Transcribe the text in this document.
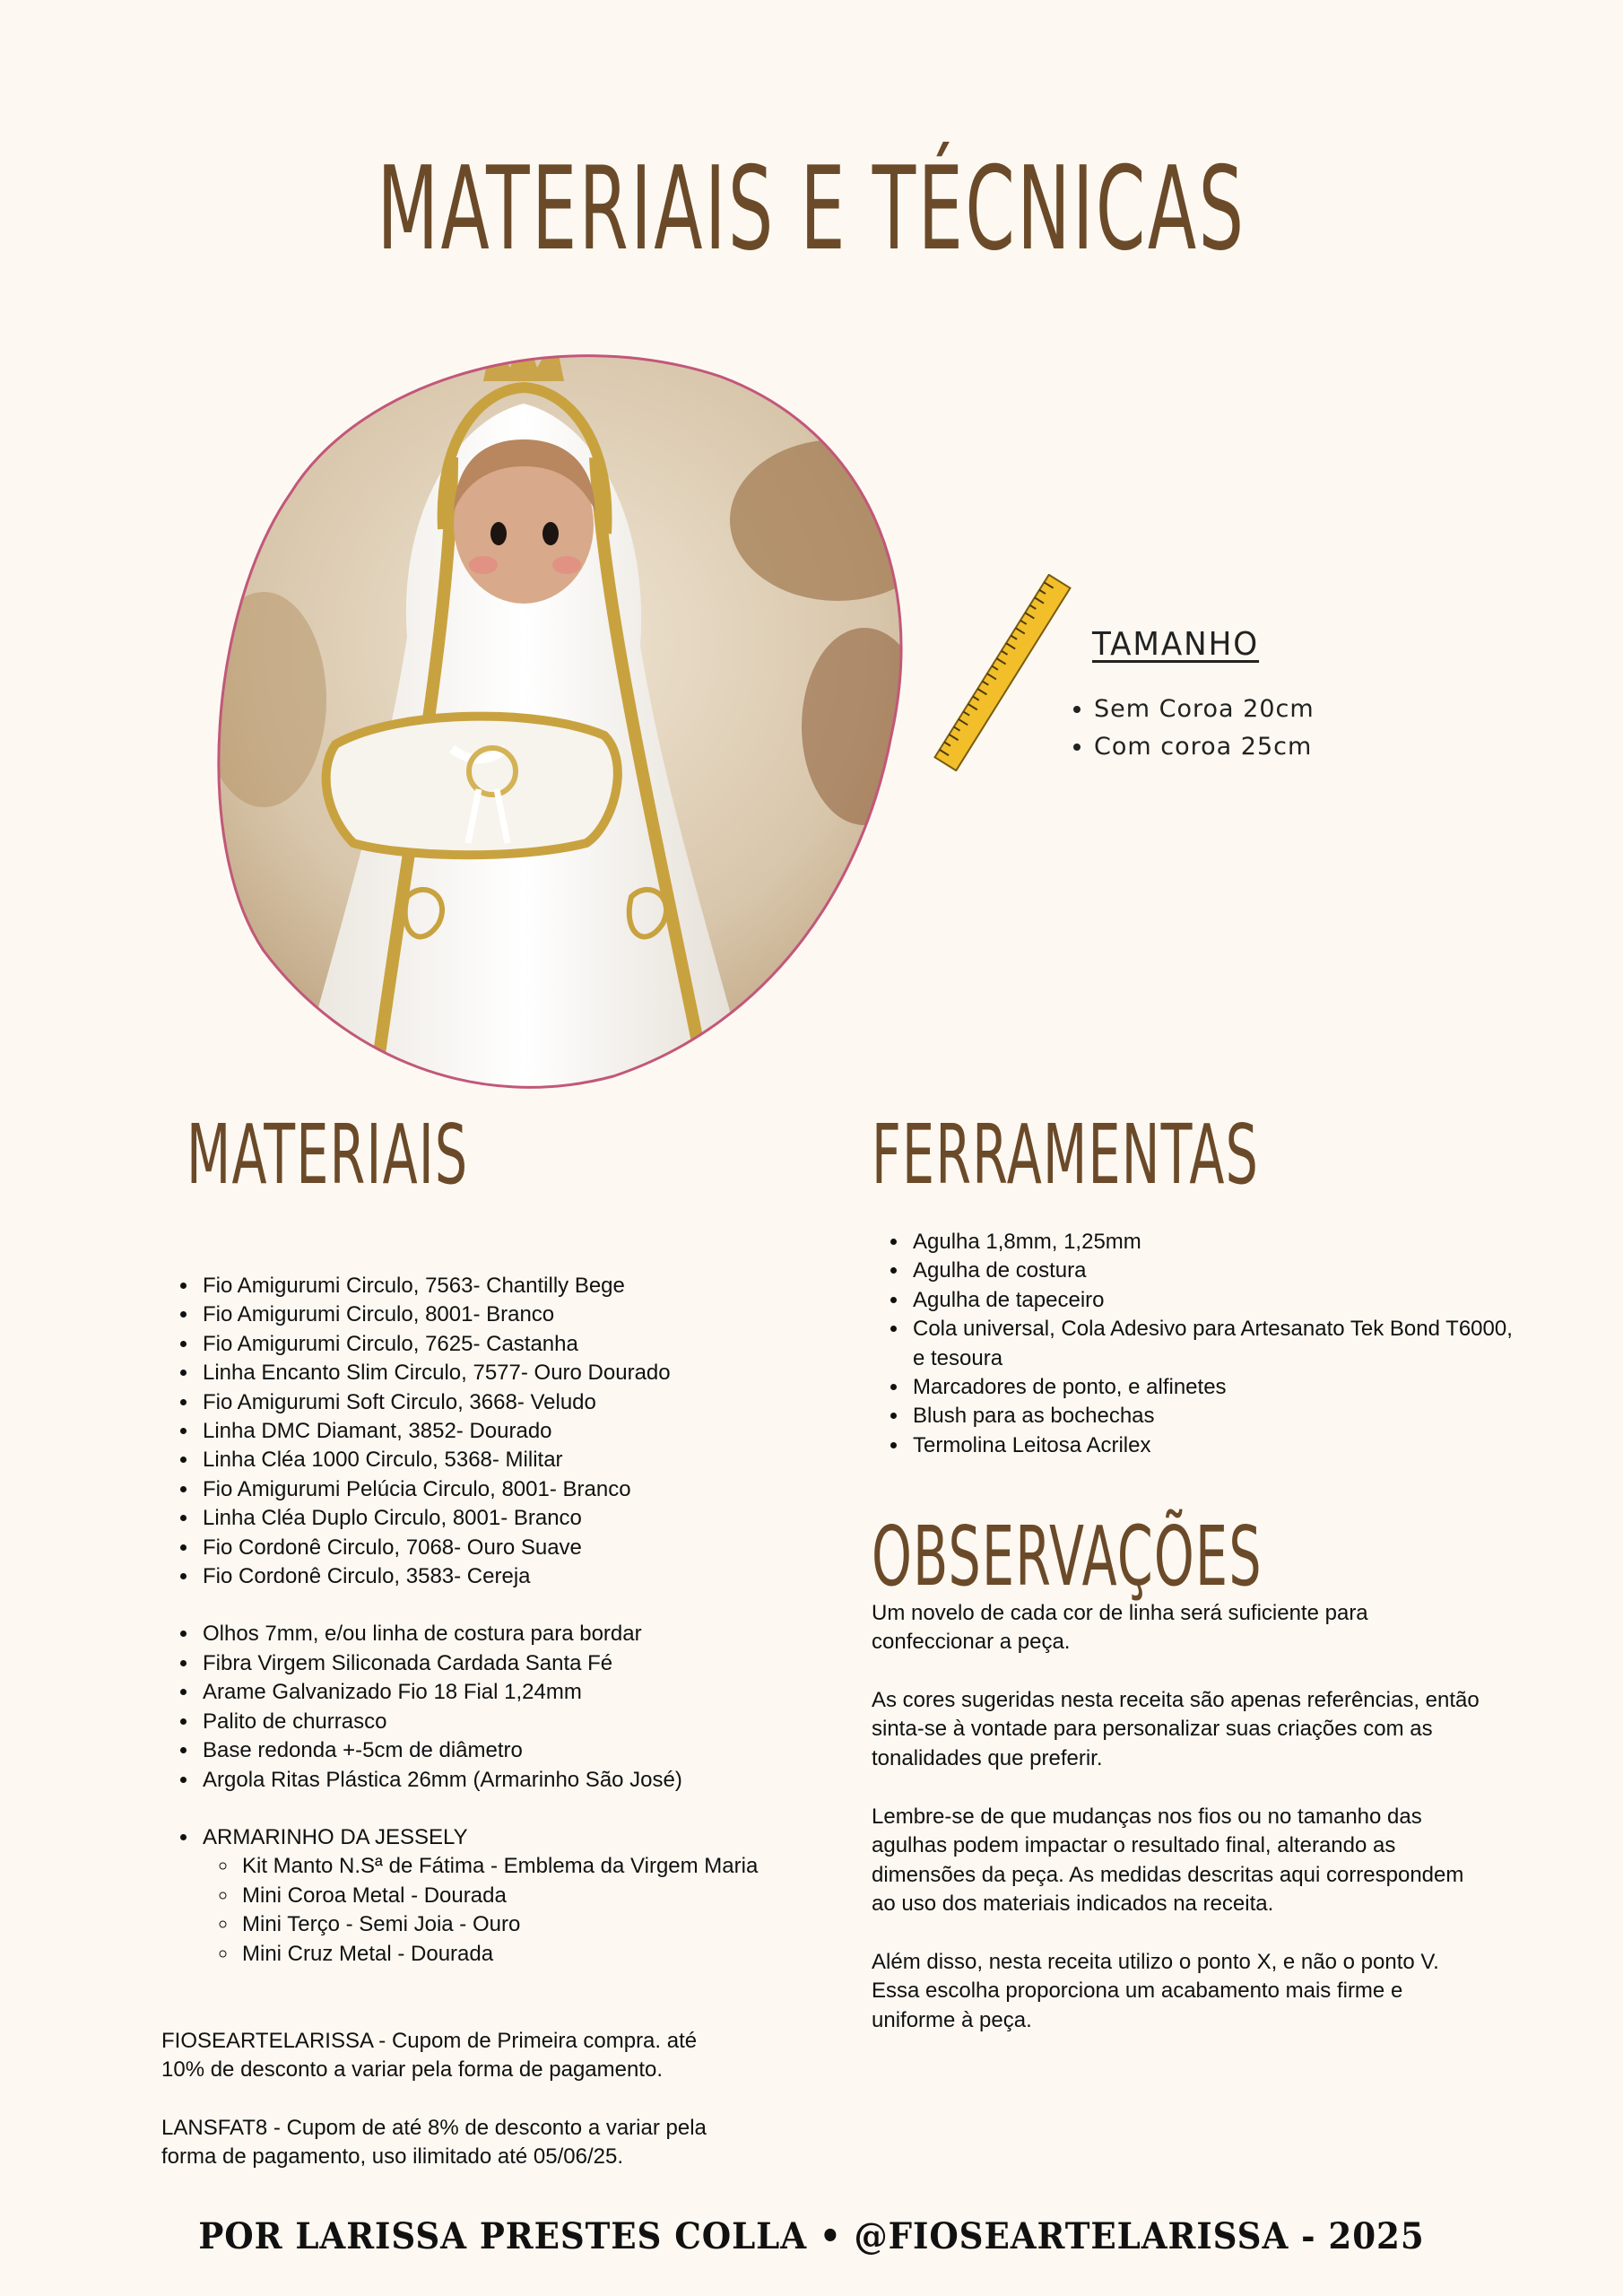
MATERIAIS E TÉCNICAS
TAMANHO
• Sem Coroa 20cm
• Com coroa 25cm
MATERIAIS
• Fio Amigurumi Circulo, 7563- Chantilly Bege
• Fio Amigurumi Circulo, 8001- Branco
• Fio Amigurumi Circulo, 7625- Castanha
• Linha Encanto Slim Circulo, 7577- Ouro Dourado
• Fio Amigurumi Soft Circulo, 3668- Veludo
• Linha DMC Diamant, 3852- Dourado
• Linha Cléa 1000 Circulo, 5368- Militar
• Fio Amigurumi Pelúcia Circulo, 8001- Branco
• Linha Cléa Duplo Circulo, 8001- Branco
• Fio Cordonê Circulo, 7068- Ouro Suave
• Fio Cordonê Circulo, 3583- Cereja
• Olhos 7mm, e/ou linha de costura para bordar
• Fibra Virgem Siliconada Cardada Santa Fé
• Arame Galvanizado Fio 18 Fial 1,24mm
• Palito de churrasco
• Base redonda +-5cm de diâmetro
• Argola Ritas Plástica 26mm (Armarinho São José)
• ARMARINHO DA JESSELY
◦ Kit Manto N.Sª de Fátima - Emblema da Virgem Maria
◦ Mini Coroa Metal - Dourada
◦ Mini Terço - Semi Joia - Ouro
◦ Mini Cruz Metal - Dourada

FIOSEARTELARISSA - Cupom de Primeira compra. até 10% de desconto a variar pela forma de pagamento.

LANSFAT8 - Cupom de até 8% de desconto a variar pela forma de pagamento, uso ilimitado até 05/06/25.

FERRAMENTAS
• Agulha 1,8mm, 1,25mm
• Agulha de costura
• Agulha de tapeceiro
• Cola universal, Cola Adesivo para Artesanato Tek Bond T6000, e tesoura
• Marcadores de ponto, e alfinetes
• Blush para as bochechas
• Termolina Leitosa Acrilex
OBSERVAÇÕES

Um novelo de cada cor de linha será suficiente para confeccionar a peça.

As cores sugeridas nesta receita são apenas referências, então sinta-se à vontade para personalizar suas criações com as tonalidades que preferir.

Lembre-se de que mudanças nos fios ou no tamanho das agulhas podem impactar o resultado final, alterando as dimensões da peça. As medidas descritas aqui correspondem ao uso dos materiais indicados na receita.

Além disso, nesta receita utilizo o ponto X, e não o ponto V. Essa escolha proporciona um acabamento mais firme e uniforme à peça.

POR LARISSA PRESTES COLLA • @FIOSEARTELARISSA - 2025
